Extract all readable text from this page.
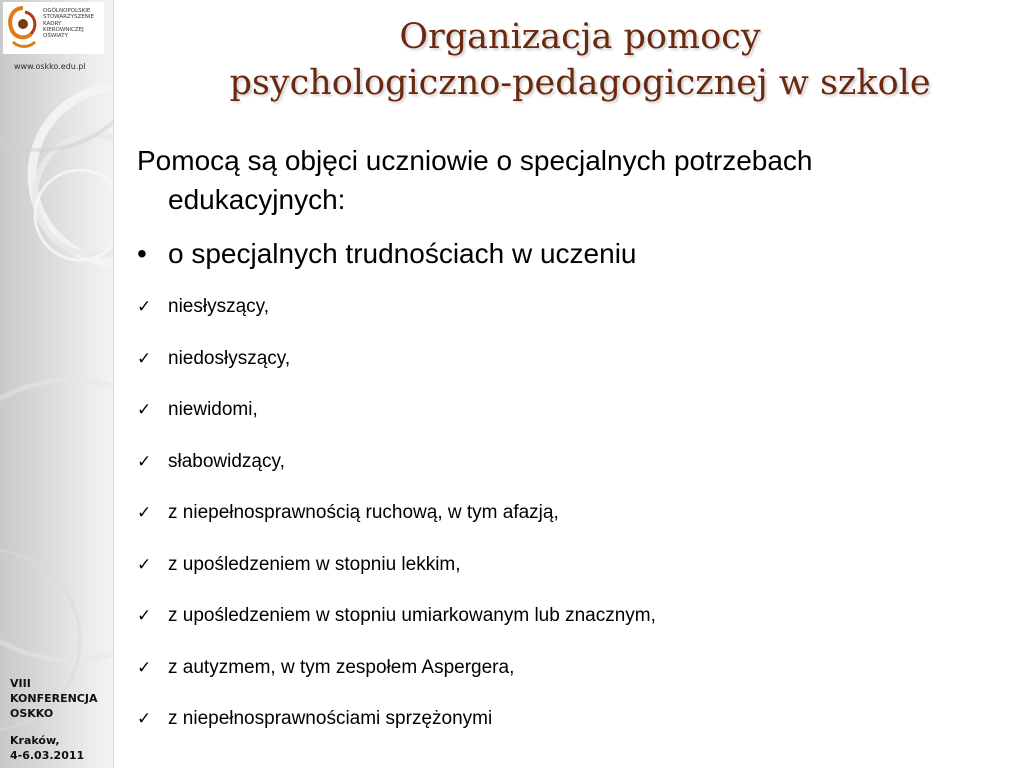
OGÓLNOPOLSKIE
STOWARZYSZENIE
KADRY
KIEROWNICZEJ
OŚWIATY

www.oskko.edu.pl
VIII
KONFERENCJA
OSKKO
Kraków,
4-6.03.2011
Organizacja pomocy
psychologiczno-pedagogicznej w szkole

Pomocą są objęci uczniowie o specjalnych potrzebach
edukacyjnych:

• o specjalnych trudnościach w uczeniu

✓ niesłyszący,
✓ niedosłyszący,
✓ niewidomi,
✓ słabowidzący,
✓ z niepełnosprawnością ruchową, w tym afazją,
✓ z upośledzeniem w stopniu lekkim,
✓ z upośledzeniem w stopniu umiarkowanym lub znacznym,
✓ z autyzmem, w tym zespołem Aspergera,
✓ z niepełnosprawnościami sprzężonymi
